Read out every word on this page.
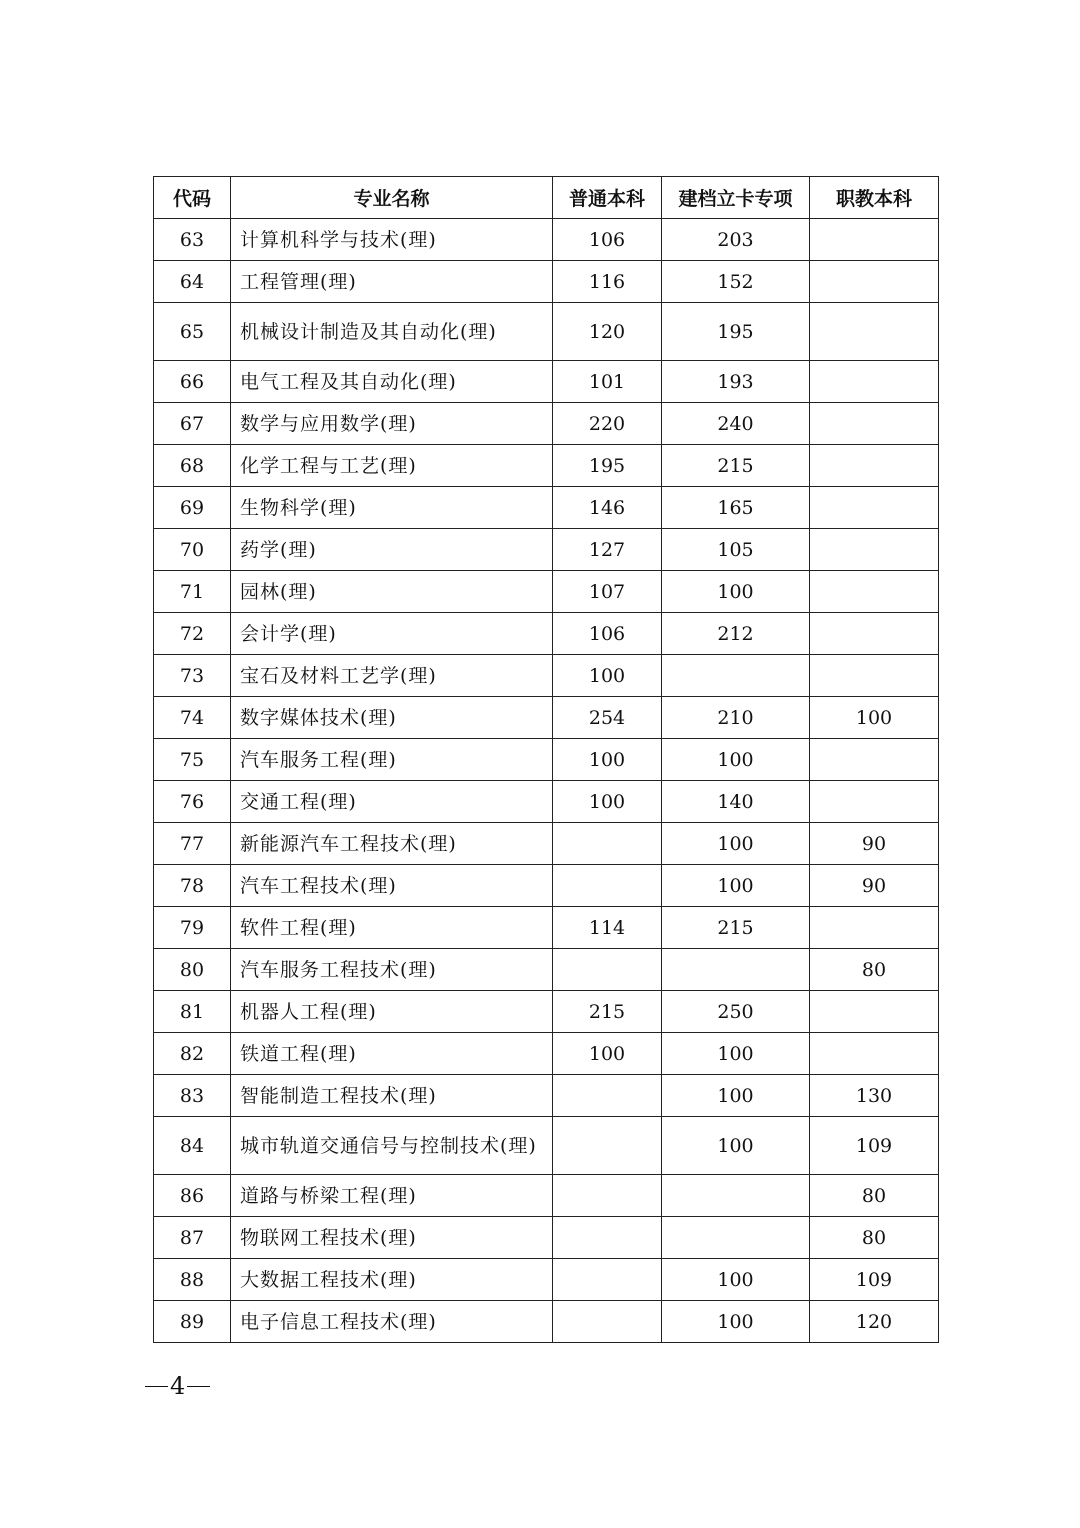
代码	专业名称	普通本科	建档立卡专项	职教本科
63	计算机科学与技术(理)	106	203	
64	工程管理(理)	116	152	
65	机械设计制造及其自动化(理)	120	195	
66	电气工程及其自动化(理)	101	193	
67	数学与应用数学(理)	220	240	
68	化学工程与工艺(理)	195	215	
69	生物科学(理)	146	165	
70	药学(理)	127	105	
71	园林(理)	107	100	
72	会计学(理)	106	212	
73	宝石及材料工艺学(理)	100		
74	数字媒体技术(理)	254	210	100
75	汽车服务工程(理)	100	100	
76	交通工程(理)	100	140	
77	新能源汽车工程技术(理)		100	90
78	汽车工程技术(理)		100	90
79	软件工程(理)	114	215	
80	汽车服务工程技术(理)			80
81	机器人工程(理)	215	250	
82	铁道工程(理)	100	100	
83	智能制造工程技术(理)		100	130
84	城市轨道交通信号与控制技术(理)		100	109
86	道路与桥梁工程(理)			80
87	物联网工程技术(理)			80
88	大数据工程技术(理)		100	109
89	电子信息工程技术(理)		100	120
4
